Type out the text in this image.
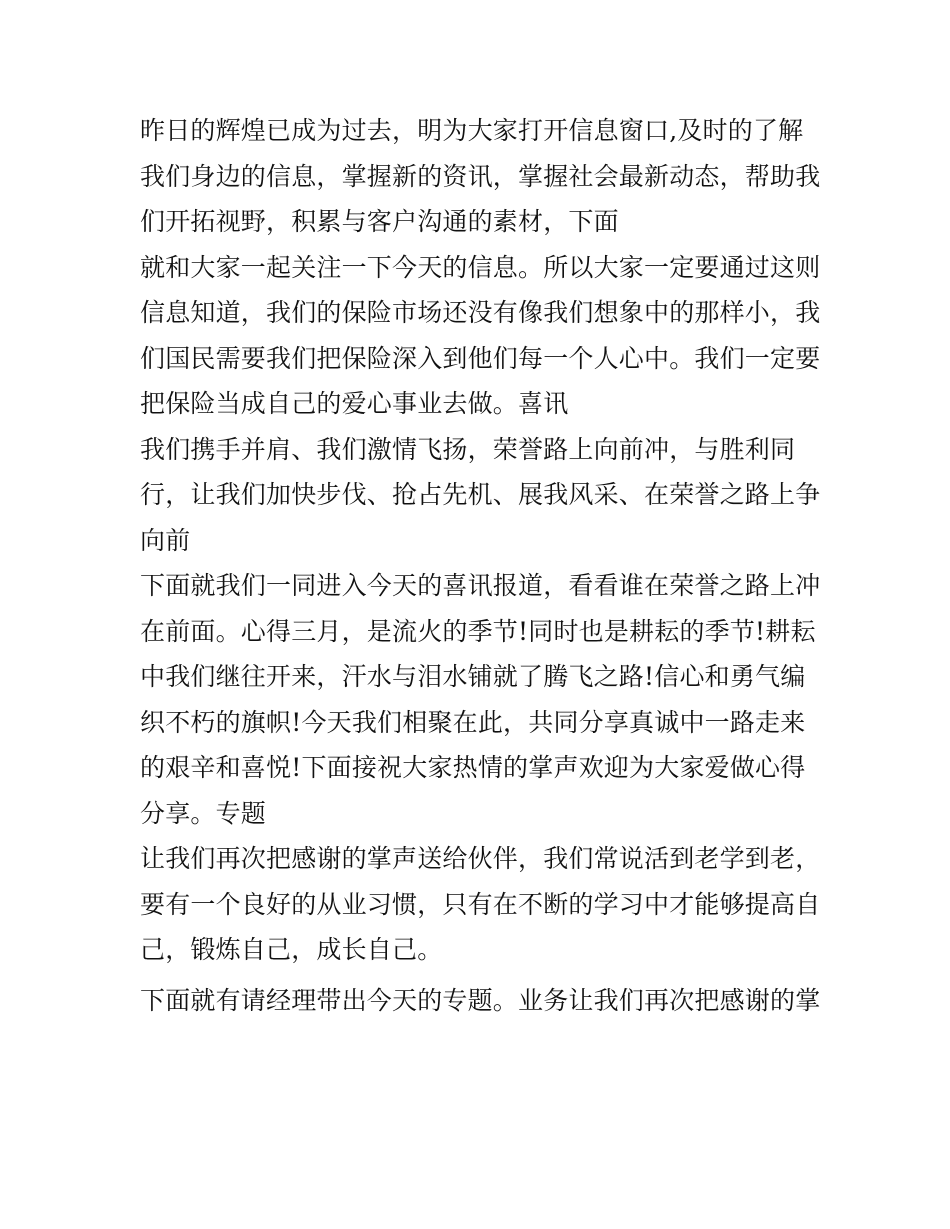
昨日的辉煌已成为过去，明为大家打开信息窗口,及时的了解
我们身边的信息，掌握新的资讯，掌握社会最新动态，帮助我
们开拓视野，积累与客户沟通的素材，下面
就和大家一起关注一下今天的信息。所以大家一定要通过这则
信息知道，我们的保险市场还没有像我们想象中的那样小，我
们国民需要我们把保险深入到他们每一个人心中。我们一定要
把保险当成自己的爱心事业去做。喜讯
我们携手并肩、我们激情飞扬，荣誉路上向前冲，与胜利同
行，让我们加快步伐、抢占先机、展我风采、在荣誉之路上争
向前
下面就我们一同进入今天的喜讯报道，看看谁在荣誉之路上冲
在前面。心得三月，是流火的季节!同时也是耕耘的季节!耕耘
中我们继往开来，汗水与泪水铺就了腾飞之路!信心和勇气编
织不朽的旗帜!今天我们相聚在此，共同分享真诚中一路走来
的艰辛和喜悦!下面接祝大家热情的掌声欢迎为大家爱做心得
分享。专题
让我们再次把感谢的掌声送给伙伴，我们常说活到老学到老，
要有一个良好的从业习惯，只有在不断的学习中才能够提高自
己，锻炼自己，成长自己。
下面就有请经理带出今天的专题。业务让我们再次把感谢的掌
